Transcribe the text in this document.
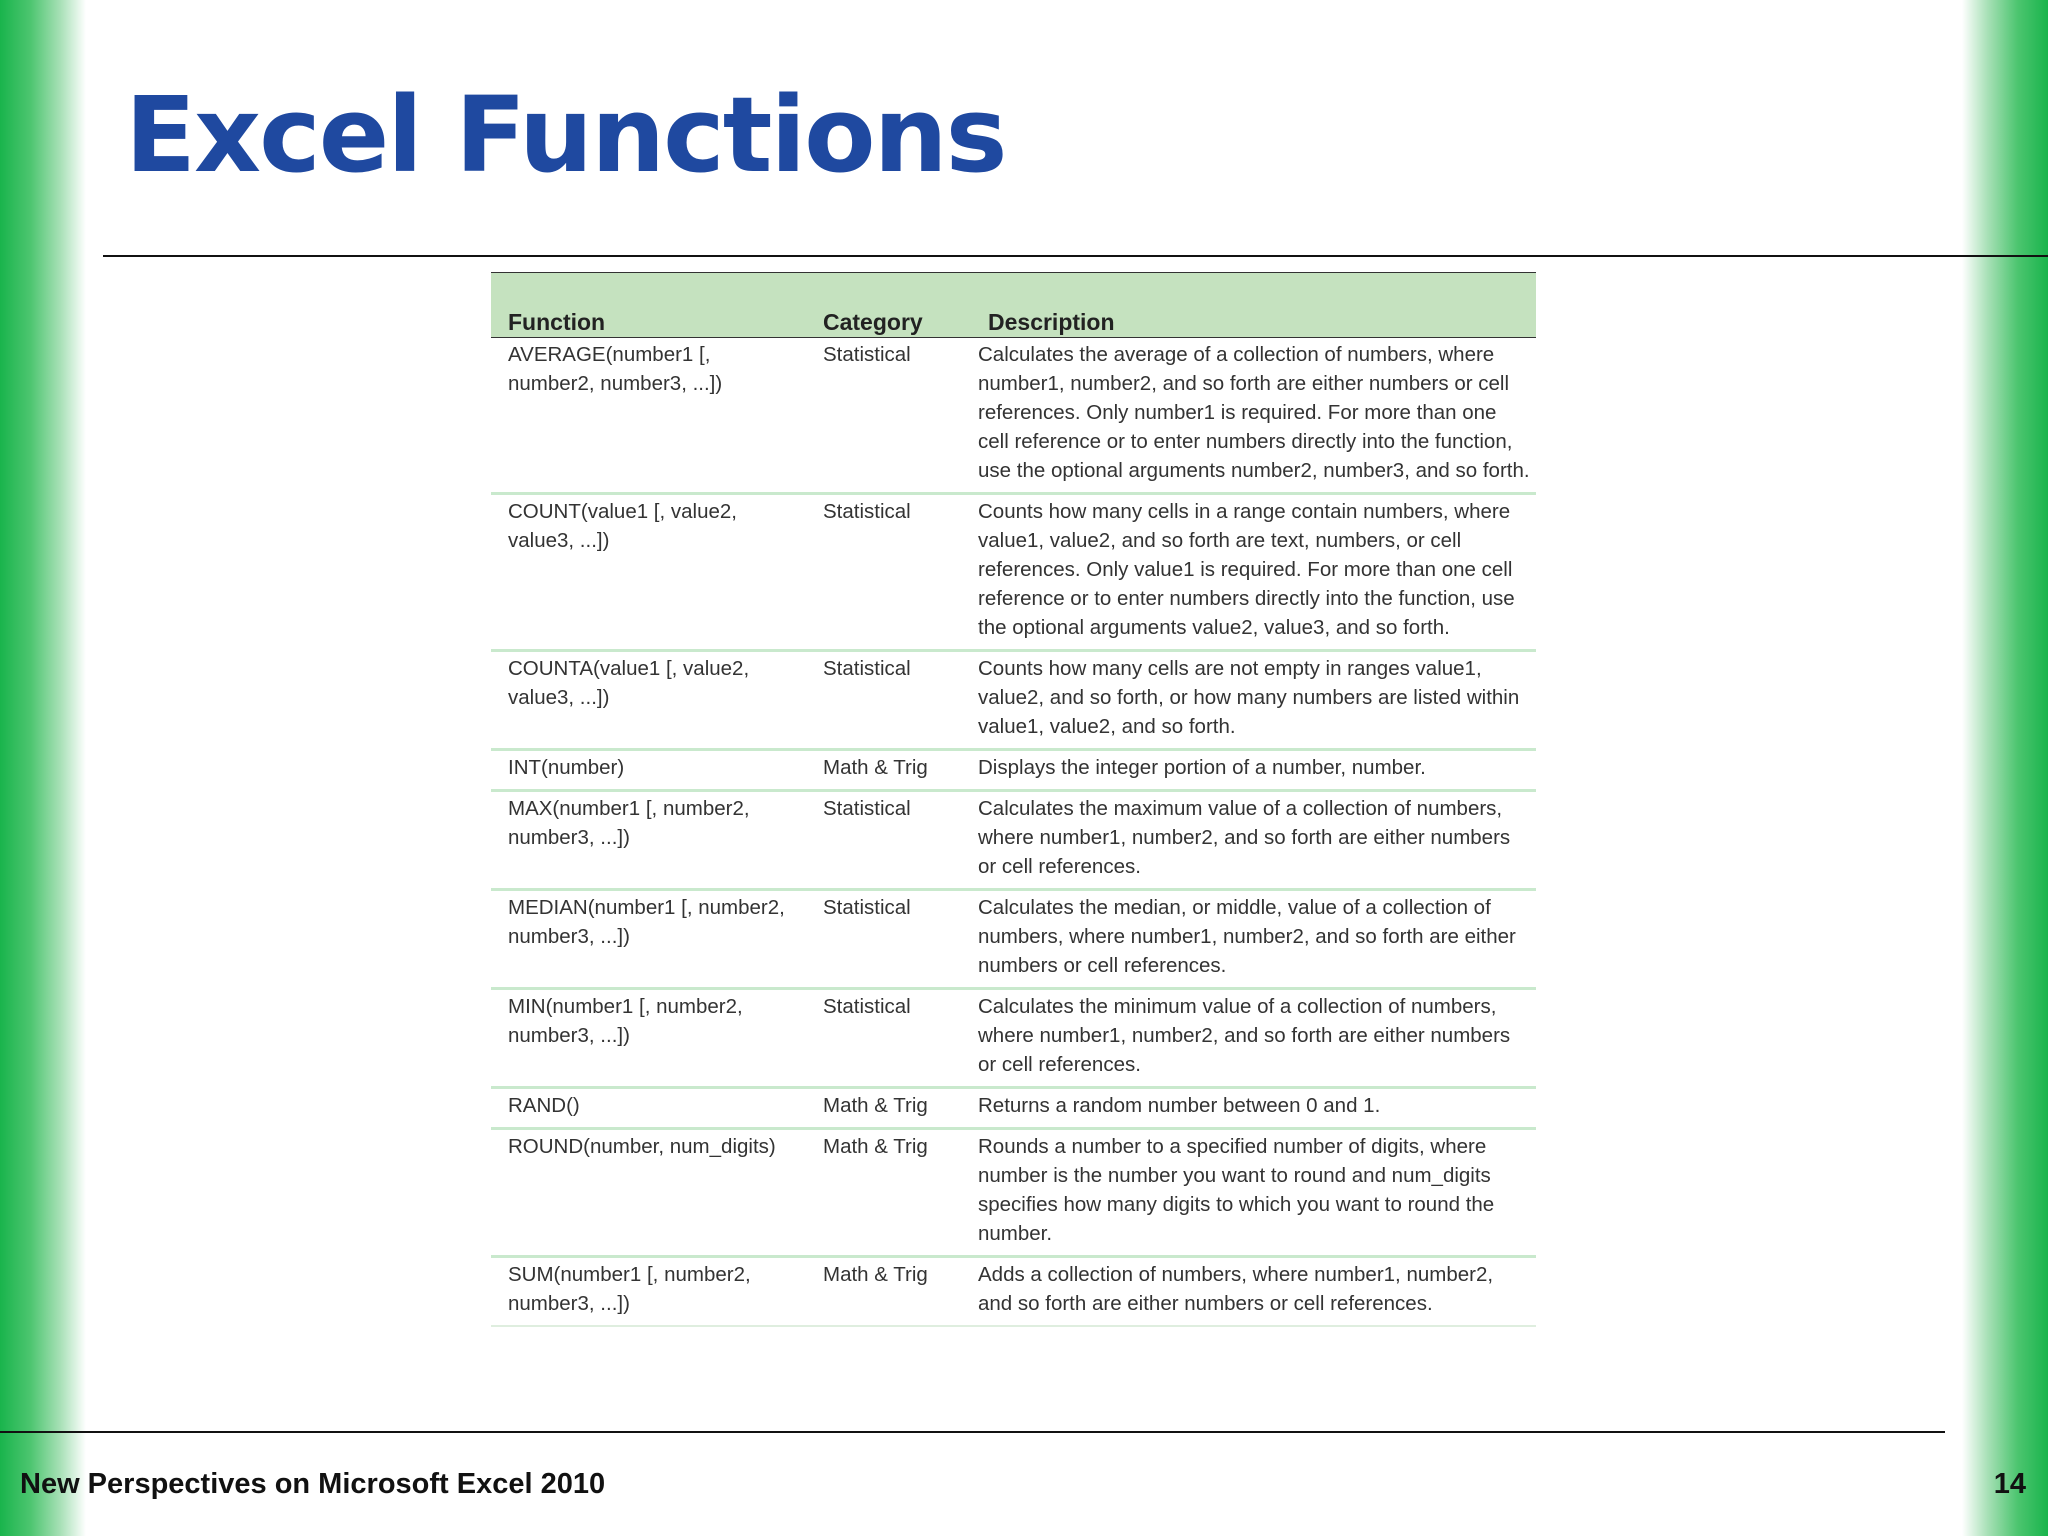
Excel Functions
Function	Category	Description
AVERAGE(number1 [, number2, number3, ...])	Statistical	Calculates the average of a collection of numbers, where number1, number2, and so forth are either numbers or cell references. Only number1 is required. For more than one cell reference or to enter numbers directly into the function, use the optional arguments number2, number3, and so forth.
COUNT(value1 [, value2, value3, ...])	Statistical	Counts how many cells in a range contain numbers, where value1, value2, and so forth are text, numbers, or cell references. Only value1 is required. For more than one cell reference or to enter numbers directly into the function, use the optional arguments value2, value3, and so forth.
COUNTA(value1 [, value2, value3, ...])	Statistical	Counts how many cells are not empty in ranges value1, value2, and so forth, or how many numbers are listed within value1, value2, and so forth.
INT(number)	Math & Trig	Displays the integer portion of a number, number.
MAX(number1 [, number2, number3, ...])	Statistical	Calculates the maximum value of a collection of numbers, where number1, number2, and so forth are either numbers or cell references.
MEDIAN(number1 [, number2, number3, ...])	Statistical	Calculates the median, or middle, value of a collection of numbers, where number1, number2, and so forth are either numbers or cell references.
MIN(number1 [, number2, number3, ...])	Statistical	Calculates the minimum value of a collection of numbers, where number1, number2, and so forth are either numbers or cell references.
RAND()	Math & Trig	Returns a random number between 0 and 1.
ROUND(number, num_digits)	Math & Trig	Rounds a number to a specified number of digits, where number is the number you want to round and num_digits specifies how many digits to which you want to round the number.
SUM(number1 [, number2, number3, ...])	Math & Trig	Adds a collection of numbers, where number1, number2, and so forth are either numbers or cell references.
New Perspectives on Microsoft Excel 2010	14
